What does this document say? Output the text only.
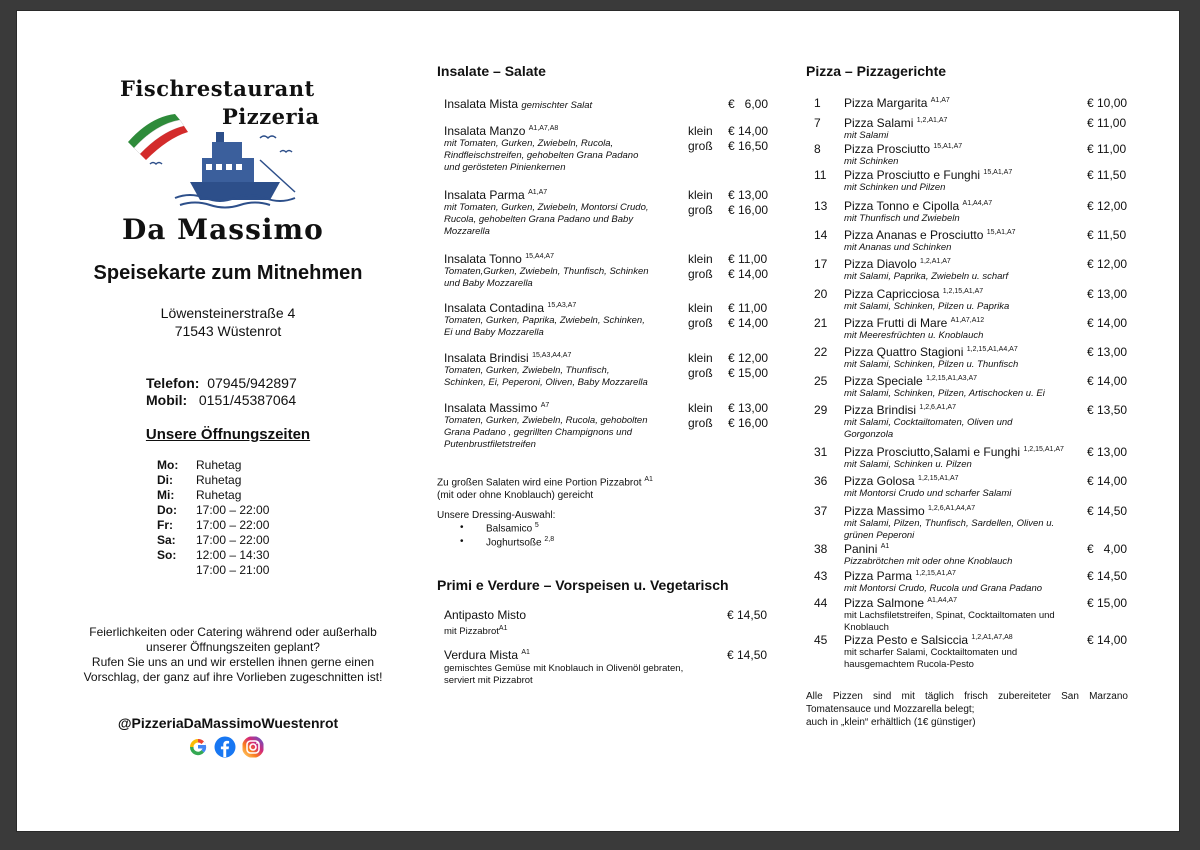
Fischrestaurant
Pizzeria
Da Massimo
Speisekarte zum Mitnehmen
Löwensteinerstraße 4
71543 Wüstenrot
Telefon: 07945/942897
Mobil: 0151/45387064
Unsere Öffnungszeiten
Mo: Ruhetag
Di: Ruhetag
Mi: Ruhetag
Do: 17:00 – 22:00
Fr: 17:00 – 22:00
Sa: 17:00 – 22:00
So: 12:00 – 14:30
17:00 – 21:00
Feierlichkeiten oder Catering während oder außerhalb
unserer Öffnungszeiten geplant?
Rufen Sie uns an und wir erstellen ihnen gerne einen
Vorschlag, der ganz auf ihre Vorlieben zugeschnitten ist!
@PizzeriaDaMassimoWuestenrot
Insalate – Salate
Insalata Mista gemischter Salat	€   6,00
Insalata Manzo $^{A1,A7,A8}$
mit Tomaten, Gurken, Zwiebeln, Rucola,
Rindfleischstreifen, gehobelten Grana Padano
und gerösteten Pinienkernen
klein
groß
€ 14,00
€ 16,50
Insalata Parma $^{A1,A7}$
mit Tomaten, Gurken, Zwiebeln, Montorsi Crudo,
Rucola, gehobelten Grana Padano und Baby
Mozzarella
klein
groß
€ 13,00
€ 16,00
Insalata Tonno $^{15,A4,A7}$
Tomaten,Gurken, Zwiebeln, Thunfisch, Schinken
und Baby Mozzarella
klein
groß
€ 11,00
€ 14,00
Insalata Contadina $^{15,A3,A7}$
Tomaten, Gurken, Paprika, Zwiebeln, Schinken,
Ei und Baby Mozzarella
klein
groß
€ 11,00
€ 14,00
Insalata Brindisi $^{15,A3,A4,A7}$
Tomaten, Gurken, Zwiebeln, Thunfisch,
Schinken, Ei, Peperoni, Oliven, Baby Mozzarella
klein
groß
€ 12,00
€ 15,00
Insalata Massimo $^{A7}$
Tomaten, Gurken, Zwiebeln, Rucola, gehobolten
Grana Padano , gegrillten Champignons und
Putenbrustfiletstreifen
klein
groß
€ 13,00
€ 16,00
Zu großen Salaten wird eine Portion Pizzabrot $^{A1}$
(mit oder ohne Knoblauch) gereicht
Unsere Dressing-Auswahl:
• Balsamico $^5$
• Joghurtsoße $^{2,8}$
Primi e Verdure – Vorspeisen u. Vegetarisch
Antipasto Misto
mit Pizzabrot$^{A1}$
€ 14,50
Verdura Mista $^{A1}$
gemischtes Gemüse mit Knoblauch in Olivenöl gebraten,
serviert mit Pizzabrot
€ 14,50
Pizza – Pizzagerichte
1 Pizza Margarita $^{A1,A7}$	€ 10,00
7 Pizza Salami $^{1,2,A1,A7}$
mit Salami
€ 11,00
8 Pizza Prosciutto $^{15,A1,A7}$
mit Schinken
€ 11,00
11 Pizza Prosciutto e Funghi $^{15,A1,A7}$
mit Schinken und Pilzen
€ 11,50
13 Pizza Tonno e Cipolla $^{A1,A4,A7}$
mit Thunfisch und Zwiebeln
€ 12,00
14 Pizza Ananas e Prosciutto $^{15,A1,A7}$
mit Ananas und Schinken
€ 11,50
17 Pizza Diavolo $^{1,2,A1,A7}$
mit Salami, Paprika, Zwiebeln u. scharf
€ 12,00
20 Pizza Capricciosa $^{1,2,15,A1,A7}$
mit Salami, Schinken, Pilzen u. Paprika
€ 13,00
21 Pizza Frutti di Mare $^{A1,A7,A12}$
mit Meeresfrüchten u. Knoblauch
€ 14,00
22 Pizza Quattro Stagioni $^{1,2,15,A1,A4,A7}$
mit Salami, Schinken, Pilzen u. Thunfisch
€ 13,00
25 Pizza Speciale $^{1,2,15,A1,A3,A7}$
mit Salami, Schinken, Pilzen, Artischocken u. Ei
€ 14,00
29 Pizza Brindisi $^{1,2,6,A1,A7}$
mit Salami, Cocktailtomaten, Oliven und
Gorgonzola
€ 13,50
31 Pizza Prosciutto,Salami e Funghi $^{1,2,15,A1,A7}$
mit Salami, Schinken u. Pilzen
€ 13,00
36 Pizza Golosa $^{1,2,15,A1,A7}$
mit Montorsi Crudo und scharfer Salami
€ 14,00
37 Pizza Massimo $^{1,2,6,A1,A4,A7}$
mit Salami, Pilzen, Thunfisch, Sardellen, Oliven u.
grünen Peperoni
€ 14,50
38 Panini $^{A1}$
Pizzabrötchen mit oder ohne Knoblauch
€   4,00
43 Pizza Parma $^{1,2,15,A1,A7}$
mit Montorsi Crudo, Rucola und Grana Padano
€ 14,50
44 Pizza Salmone $^{A1,A4,A7}$
mit Lachsfiletstreifen, Spinat, Cocktailtomaten und
Knoblauch
€ 15,00
45 Pizza Pesto e Salsiccia $^{1,2,A1,A7,A8}$
mit scharfer Salami, Cocktailtomaten und
hausgemachtem Rucola-Pesto
€ 14,00
Alle Pizzen sind mit täglich frisch zubereiteter San Marzano
Tomatensauce und Mozzarella belegt;
auch in „klein“ erhältlich (1€ günstiger)
